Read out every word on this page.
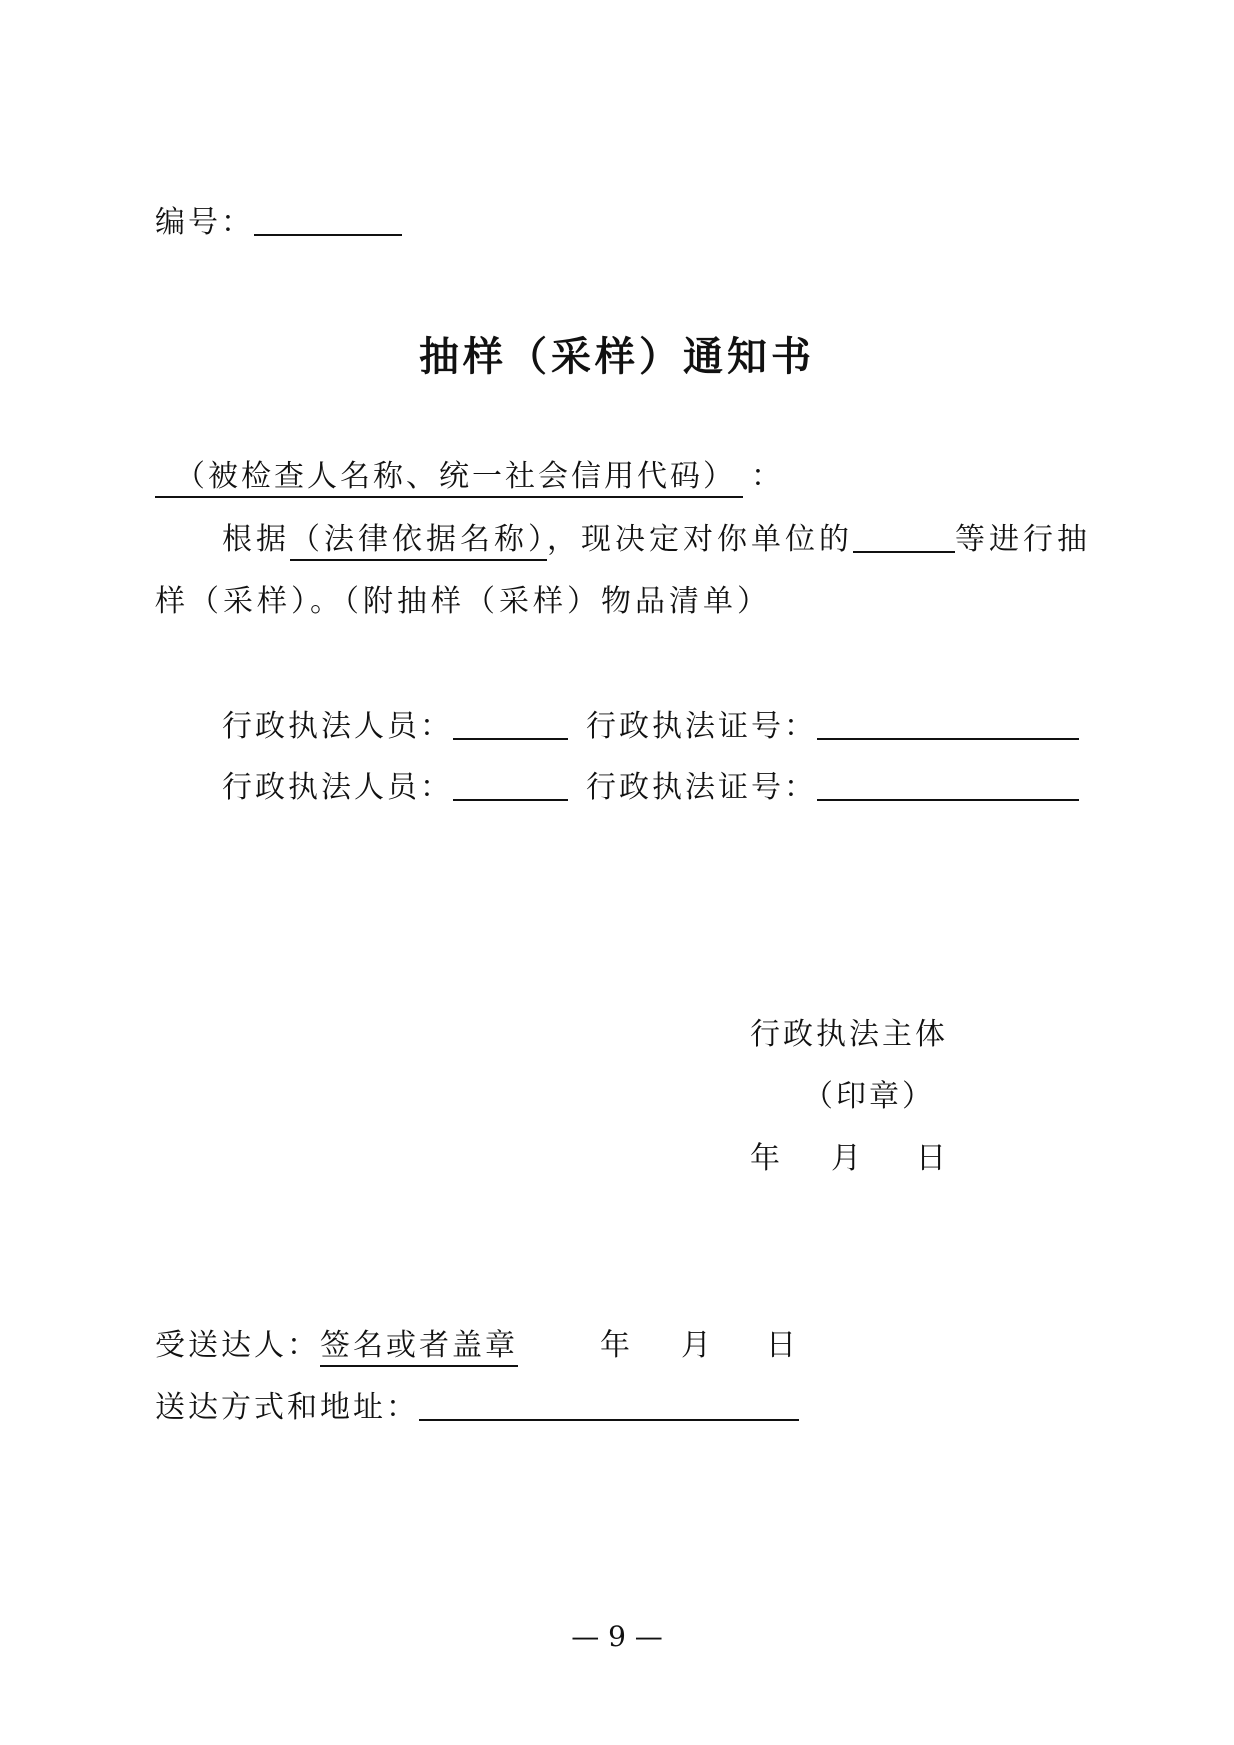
编号：
抽样（采样）通知书
（被检查人名称、统一社会信用代码） ：
根据（法律依据名称），现决定对你单位的	等进行抽
样（采样）。（附抽样（采样）物品清单）
行政执法人员：	行政执法证号：
行政执法人员：	行政执法证号：
行政执法主体
（印章）
年 月 日
受送达人：签名或者盖章	年 月 日
送达方式和地址：
— 9 —
